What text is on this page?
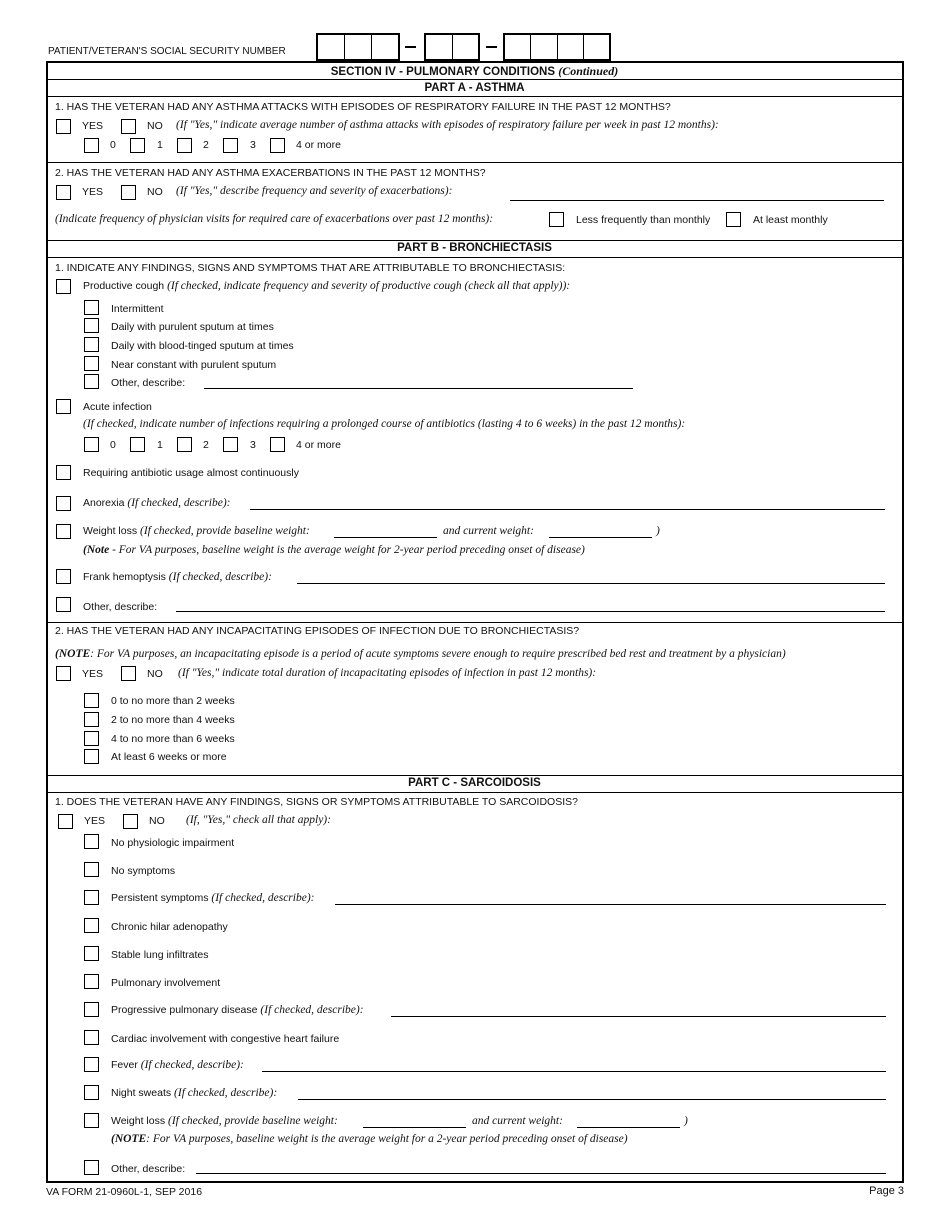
PATIENT/VETERAN'S SOCIAL SECURITY NUMBER
SECTION IV - PULMONARY CONDITIONS (Continued)
PART A - ASTHMA
1. HAS THE VETERAN HAD ANY ASTHMA ATTACKS WITH EPISODES OF RESPIRATORY FAILURE IN THE PAST 12 MONTHS?
YES	NO (If "Yes," indicate average number of asthma attacks with episodes of respiratory failure per week in past 12 months):
0	1	2	3	4 or more
2. HAS THE VETERAN HAD ANY ASTHMA EXACERBATIONS IN THE PAST 12 MONTHS?
YES	NO (If "Yes," describe frequency and severity of exacerbations):
(Indicate frequency of physician visits for required care of exacerbations over past 12 months):	Less frequently than monthly	At least monthly
PART B - BRONCHIECTASIS
1. INDICATE ANY FINDINGS, SIGNS AND SYMPTOMS THAT ARE ATTRIBUTABLE TO BRONCHIECTASIS:
Productive cough (If checked, indicate frequency and severity of productive cough (check all that apply)):
Intermittent
Daily with purulent sputum at times
Daily with blood-tinged sputum at times
Near constant with purulent sputum
Other, describe:
Acute infection
(If checked, indicate number of infections requiring a prolonged course of antibiotics (lasting 4 to 6 weeks) in the past 12 months):
0	1	2	3	4 or more
Requiring antibiotic usage almost continuously
Anorexia (If checked, describe):
Weight loss (If checked, provide baseline weight:	and current weight:	)
(Note - For VA purposes, baseline weight is the average weight for 2-year period preceding onset of disease)
Frank hemoptysis (If checked, describe):
Other, describe:
2. HAS THE VETERAN HAD ANY INCAPACITATING EPISODES OF INFECTION DUE TO BRONCHIECTASIS?
(NOTE: For VA purposes, an incapacitating episode is a period of acute symptoms severe enough to require prescribed bed rest and treatment by a physician)
YES	NO (If "Yes," indicate total duration of incapacitating episodes of infection in past 12 months):
0 to no more than 2 weeks
2 to no more than 4 weeks
4 to no more than 6 weeks
At least 6 weeks or more
PART C - SARCOIDOSIS
1. DOES THE VETERAN HAVE ANY FINDINGS, SIGNS OR SYMPTOMS ATTRIBUTABLE TO SARCOIDOSIS?
YES	NO (If, "Yes," check all that apply):
No physiologic impairment
No symptoms
Persistent symptoms (If checked, describe):
Chronic hilar adenopathy
Stable lung infiltrates
Pulmonary involvement
Progressive pulmonary disease (If checked, describe):
Cardiac involvement with congestive heart failure
Fever (If checked, describe):
Night sweats (If checked, describe):
Weight loss (If checked, provide baseline weight:	and current weight:	)
(NOTE: For VA purposes, baseline weight is the average weight for a 2-year period preceding onset of disease)
Other, describe:
VA FORM 21-0960L-1, SEP 2016	Page 3
